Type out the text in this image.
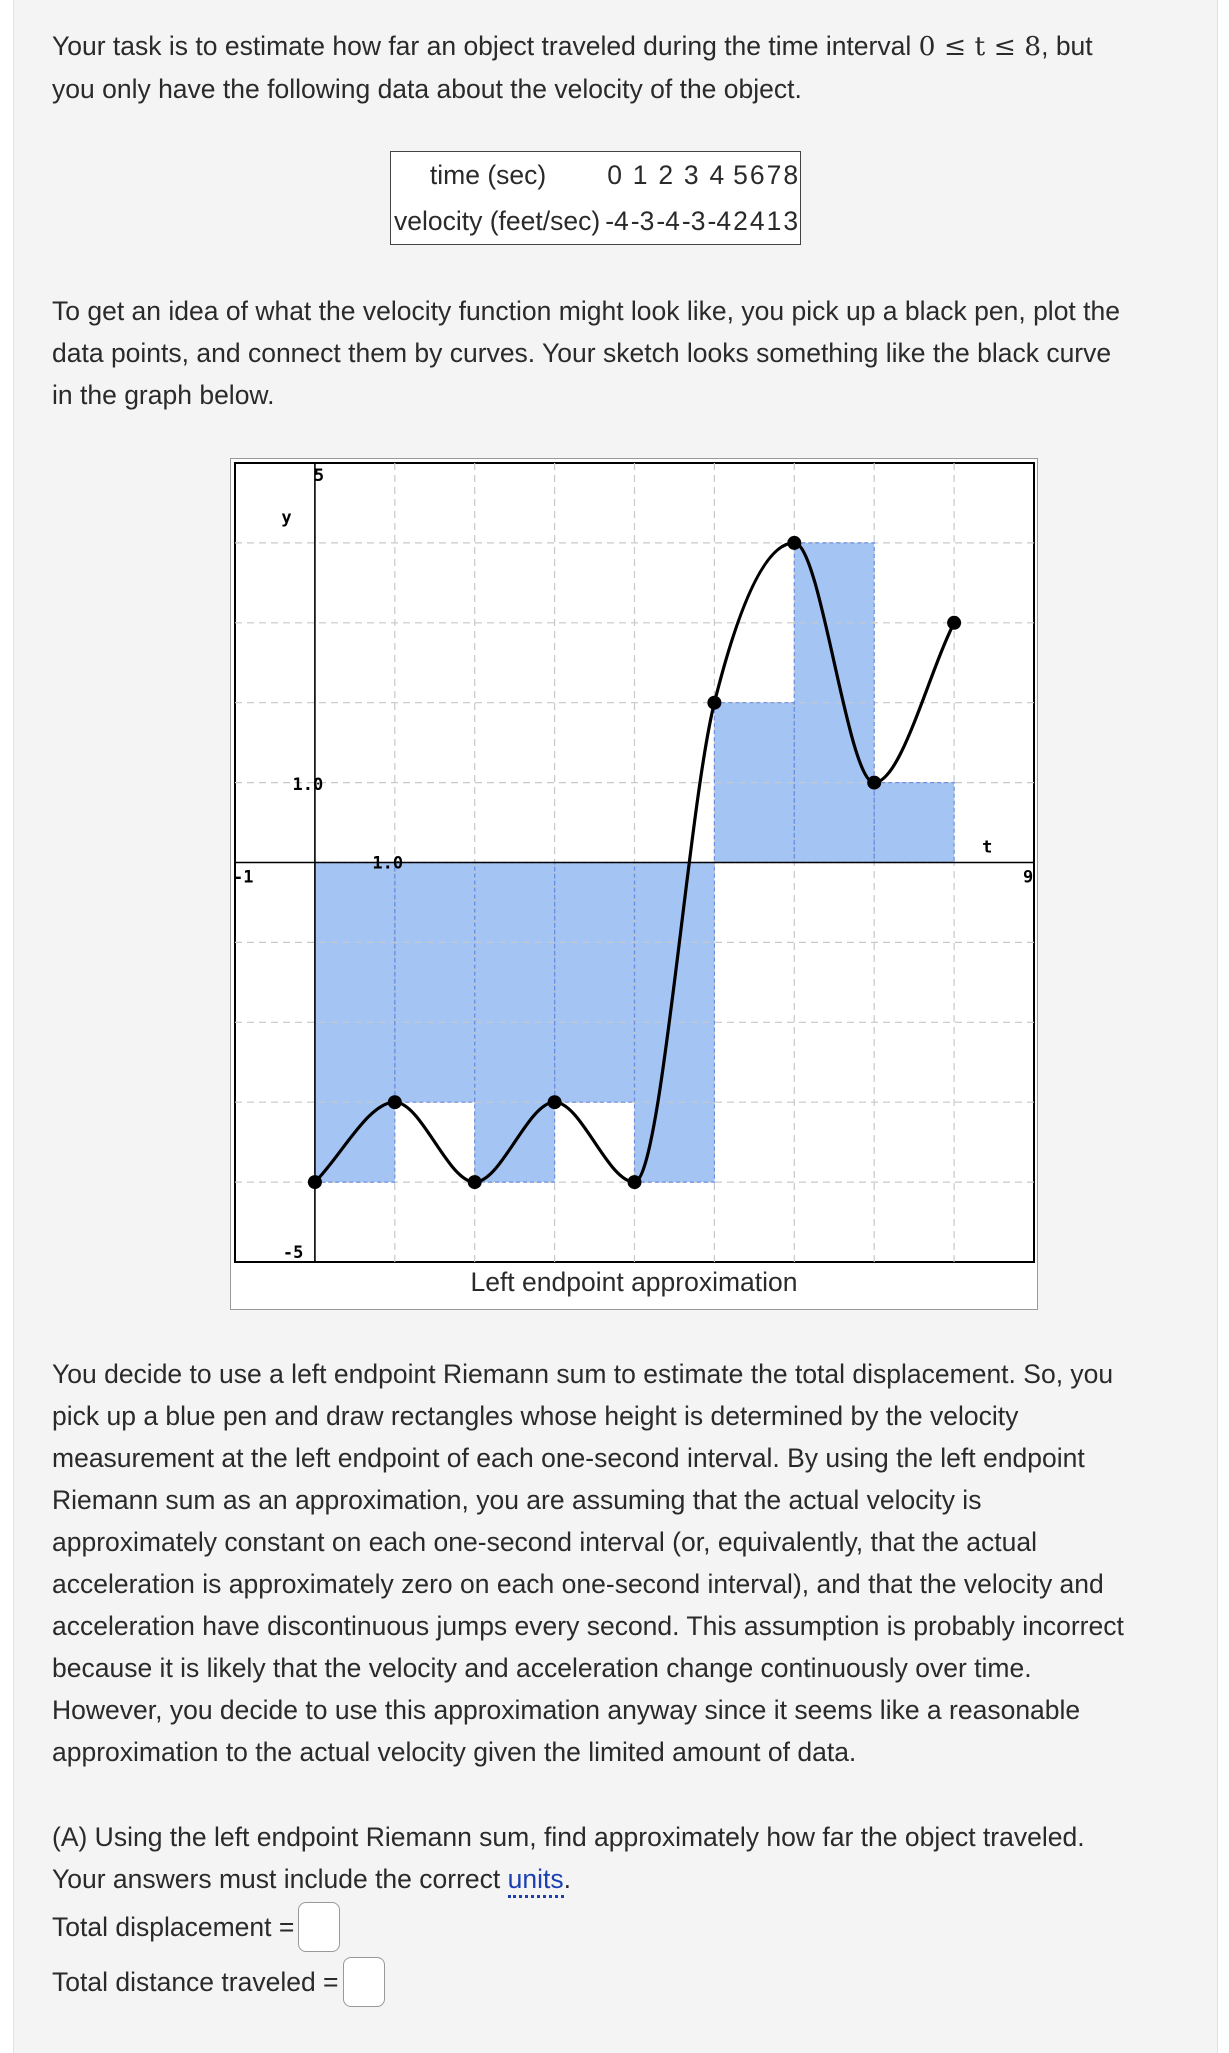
Your task is to estimate how far an object traveled during the time interval 0 ≤ t ≤ 8, but
you only have the following data about the velocity of the object.
time (sec)	0	1	2	3	4	5	6	7	8
velocity (feet/sec)	-4	-3	-4	-3	-4	2	4	1	3
To get an idea of what the velocity function might look like, you pick up a black pen, plot the
data points, and connect them by curves. Your sketch looks something like the black curve
in the graph below.
5
y
1.0
-1
1.0
t
9
-5
Left endpoint approximation
You decide to use a left endpoint Riemann sum to estimate the total displacement. So, you
pick up a blue pen and draw rectangles whose height is determined by the velocity
measurement at the left endpoint of each one-second interval. By using the left endpoint
Riemann sum as an approximation, you are assuming that the actual velocity is
approximately constant on each one-second interval (or, equivalently, that the actual
acceleration is approximately zero on each one-second interval), and that the velocity and
acceleration have discontinuous jumps every second. This assumption is probably incorrect
because it is likely that the velocity and acceleration change continuously over time.
However, you decide to use this approximation anyway since it seems like a reasonable
approximation to the actual velocity given the limited amount of data.
(A) Using the left endpoint Riemann sum, find approximately how far the object traveled.
Your answers must include the correct units.
Total displacement =
Total distance traveled =
